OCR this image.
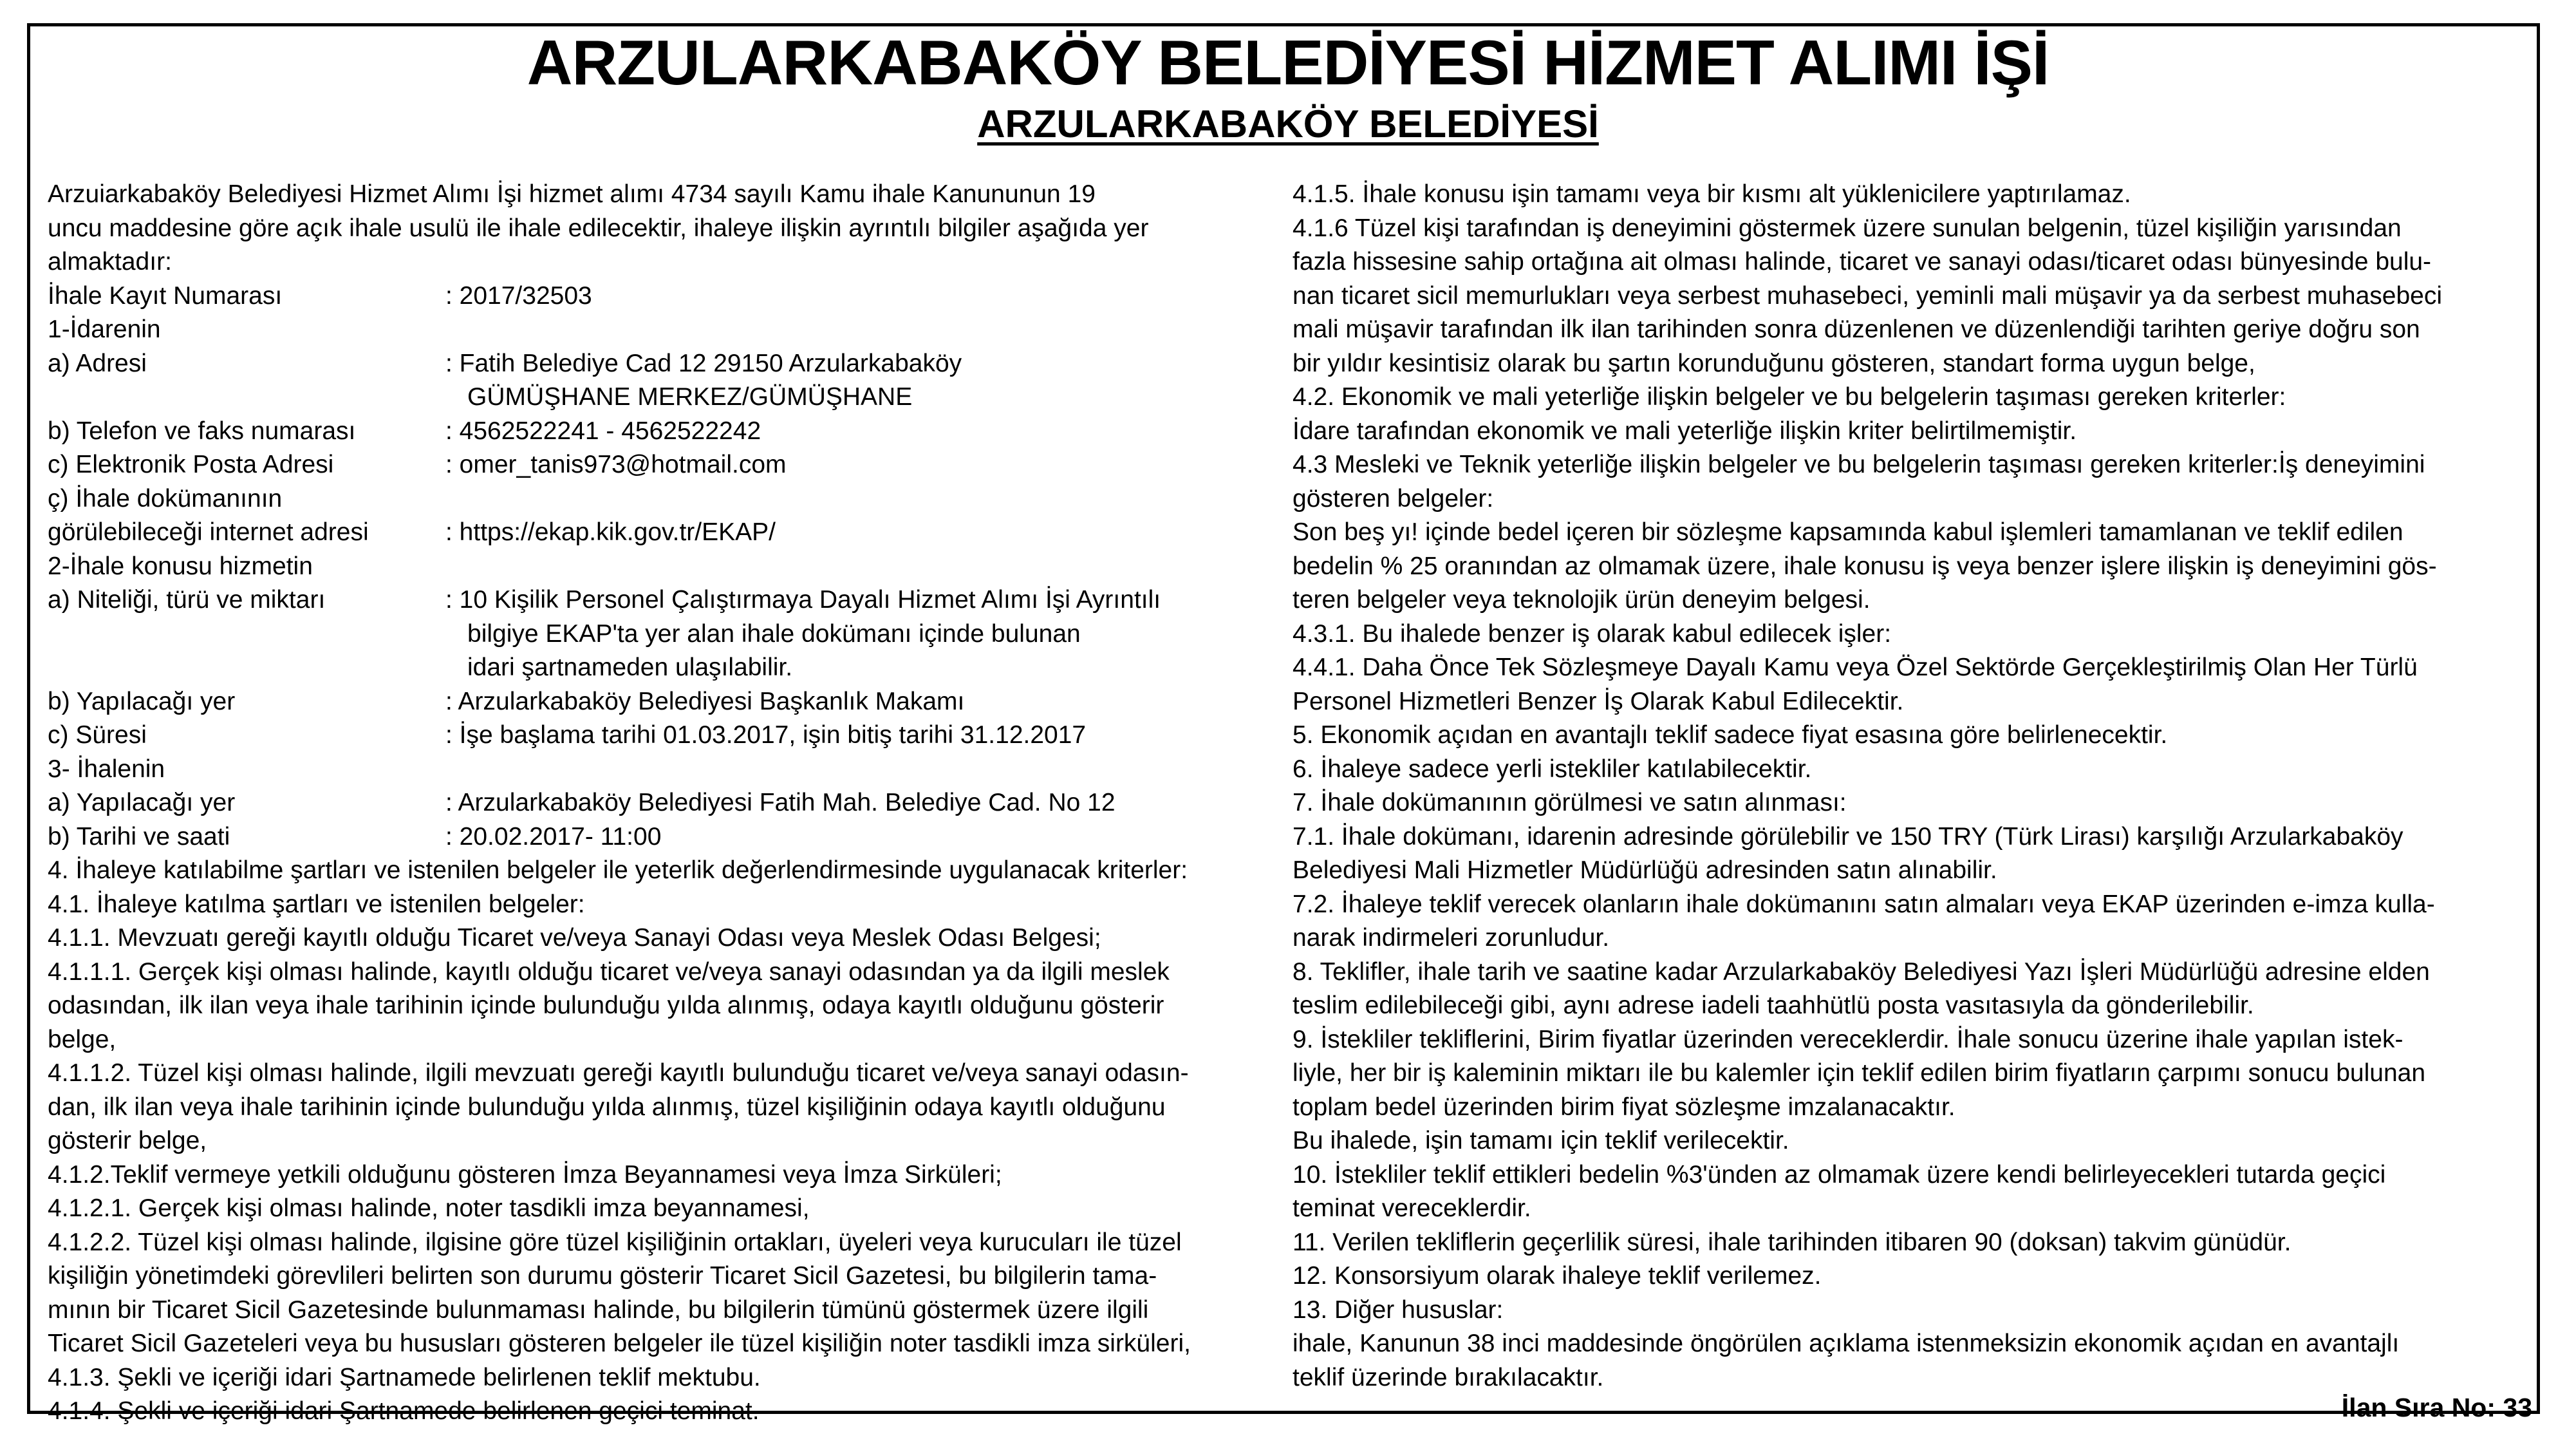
ARZULARKABAKÖY BELEDİYESİ HİZMET ALIMI İŞİ
ARZULARKABAKÖY BELEDİYESİ
Arzuiarkabaköy Belediyesi Hizmet Alımı İşi hizmet alımı 4734 sayılı Kamu ihale Kanununun 19
uncu maddesine göre açık ihale usulü ile ihale edilecektir, ihaleye ilişkin ayrıntılı bilgiler aşağıda yer
almaktadır:
İhale Kayıt Numarası	: 2017/32503
1-İdarenin
a) Adresi	: Fatih Belediye Cad 12 29150 Arzularkabaköy
GÜMÜŞHANE MERKEZ/GÜMÜŞHANE
b) Telefon ve faks numarası	: 4562522241 - 4562522242
c) Elektronik Posta Adresi	: omer_tanis973@hotmail.com
ç) İhale dokümanının
görülebileceği internet adresi	: https://ekap.kik.gov.tr/EKAP/
2-İhale konusu hizmetin
a) Niteliği, türü ve miktarı	: 10 Kişilik Personel Çalıştırmaya Dayalı Hizmet Alımı İşi Ayrıntılı
bilgiye EKAP'ta yer alan ihale dokümanı içinde bulunan
idari şartnameden ulaşılabilir.
b) Yapılacağı yer	: Arzularkabaköy Belediyesi Başkanlık Makamı
c) Süresi	: İşe başlama tarihi 01.03.2017, işin bitiş tarihi 31.12.2017
3- İhalenin
a) Yapılacağı yer	: Arzularkabaköy Belediyesi Fatih Mah. Belediye Cad. No 12
b) Tarihi ve saati	: 20.02.2017- 11:00
4. İhaleye katılabilme şartları ve istenilen belgeler ile yeterlik değerlendirmesinde uygulanacak kriterler:
4.1. İhaleye katılma şartları ve istenilen belgeler:
4.1.1. Mevzuatı gereği kayıtlı olduğu Ticaret ve/veya Sanayi Odası veya Meslek Odası Belgesi;
4.1.1.1. Gerçek kişi olması halinde, kayıtlı olduğu ticaret ve/veya sanayi odasından ya da ilgili meslek
odasından, ilk ilan veya ihale tarihinin içinde bulunduğu yılda alınmış, odaya kayıtlı olduğunu gösterir
belge,
4.1.1.2. Tüzel kişi olması halinde, ilgili mevzuatı gereği kayıtlı bulunduğu ticaret ve/veya sanayi odasın-
dan, ilk ilan veya ihale tarihinin içinde bulunduğu yılda alınmış, tüzel kişiliğinin odaya kayıtlı olduğunu
gösterir belge,
4.1.2.Teklif vermeye yetkili olduğunu gösteren İmza Beyannamesi veya İmza Sirküleri;
4.1.2.1. Gerçek kişi olması halinde, noter tasdikli imza beyannamesi,
4.1.2.2. Tüzel kişi olması halinde, ilgisine göre tüzel kişiliğinin ortakları, üyeleri veya kurucuları ile tüzel
kişiliğin yönetimdeki görevlileri belirten son durumu gösterir Ticaret Sicil Gazetesi, bu bilgilerin tama-
mının bir Ticaret Sicil Gazetesinde bulunmaması halinde, bu bilgilerin tümünü göstermek üzere ilgili
Ticaret Sicil Gazeteleri veya bu hususları gösteren belgeler ile tüzel kişiliğin noter tasdikli imza sirküleri,
4.1.3. Şekli ve içeriği idari Şartnamede belirlenen teklif mektubu.
4.1.4. Şekli ve içeriği idari Şartnamede belirlenen geçici teminat.
4.1.5. İhale konusu işin tamamı veya bir kısmı alt yüklenicilere yaptırılamaz.
4.1.6 Tüzel kişi tarafından iş deneyimini göstermek üzere sunulan belgenin, tüzel kişiliğin yarısından
fazla hissesine sahip ortağına ait olması halinde, ticaret ve sanayi odası/ticaret odası bünyesinde bulu-
nan ticaret sicil memurlukları veya serbest muhasebeci, yeminli mali müşavir ya da serbest muhasebeci
mali müşavir tarafından ilk ilan tarihinden sonra düzenlenen ve düzenlendiği tarihten geriye doğru son
bir yıldır kesintisiz olarak bu şartın korunduğunu gösteren, standart forma uygun belge,
4.2. Ekonomik ve mali yeterliğe ilişkin belgeler ve bu belgelerin taşıması gereken kriterler:
İdare tarafından ekonomik ve mali yeterliğe ilişkin kriter belirtilmemiştir.
4.3 Mesleki ve Teknik yeterliğe ilişkin belgeler ve bu belgelerin taşıması gereken kriterler:İş deneyimini
gösteren belgeler:
Son beş yı! içinde bedel içeren bir sözleşme kapsamında kabul işlemleri tamamlanan ve teklif edilen
bedelin % 25 oranından az olmamak üzere, ihale konusu iş veya benzer işlere ilişkin iş deneyimini gös-
teren belgeler veya teknolojik ürün deneyim belgesi.
4.3.1. Bu ihalede benzer iş olarak kabul edilecek işler:
4.4.1. Daha Önce Tek Sözleşmeye Dayalı Kamu veya Özel Sektörde Gerçekleştirilmiş Olan Her Türlü
Personel Hizmetleri Benzer İş Olarak Kabul Edilecektir.
5. Ekonomik açıdan en avantajlı teklif sadece fiyat esasına göre belirlenecektir.
6. İhaleye sadece yerli istekliler katılabilecektir.
7. İhale dokümanının görülmesi ve satın alınması:
7.1. İhale dokümanı, idarenin adresinde görülebilir ve 150 TRY (Türk Lirası) karşılığı Arzularkabaköy
Belediyesi Mali Hizmetler Müdürlüğü adresinden satın alınabilir.
7.2. İhaleye teklif verecek olanların ihale dokümanını satın almaları veya EKAP üzerinden e-imza kulla-
narak indirmeleri zorunludur.
8. Teklifler, ihale tarih ve saatine kadar Arzularkabaköy Belediyesi Yazı İşleri Müdürlüğü adresine elden
teslim edilebileceği gibi, aynı adrese iadeli taahhütlü posta vasıtasıyla da gönderilebilir.
9. İstekliler tekliflerini, Birim fiyatlar üzerinden vereceklerdir. İhale sonucu üzerine ihale yapılan istek-
liyle, her bir iş kaleminin miktarı ile bu kalemler için teklif edilen birim fiyatların çarpımı sonucu bulunan
toplam bedel üzerinden birim fiyat sözleşme imzalanacaktır.
Bu ihalede, işin tamamı için teklif verilecektir.
10. İstekliler teklif ettikleri bedelin %3'ünden az olmamak üzere kendi belirleyecekleri tutarda geçici
teminat vereceklerdir.
11. Verilen tekliflerin geçerlilik süresi, ihale tarihinden itibaren 90 (doksan) takvim günüdür.
12. Konsorsiyum olarak ihaleye teklif verilemez.
13. Diğer hususlar:
ihale, Kanunun 38 inci maddesinde öngörülen açıklama istenmeksizin ekonomik açıdan en avantajlı
teklif üzerinde bırakılacaktır.
İlan Sıra No: 33
